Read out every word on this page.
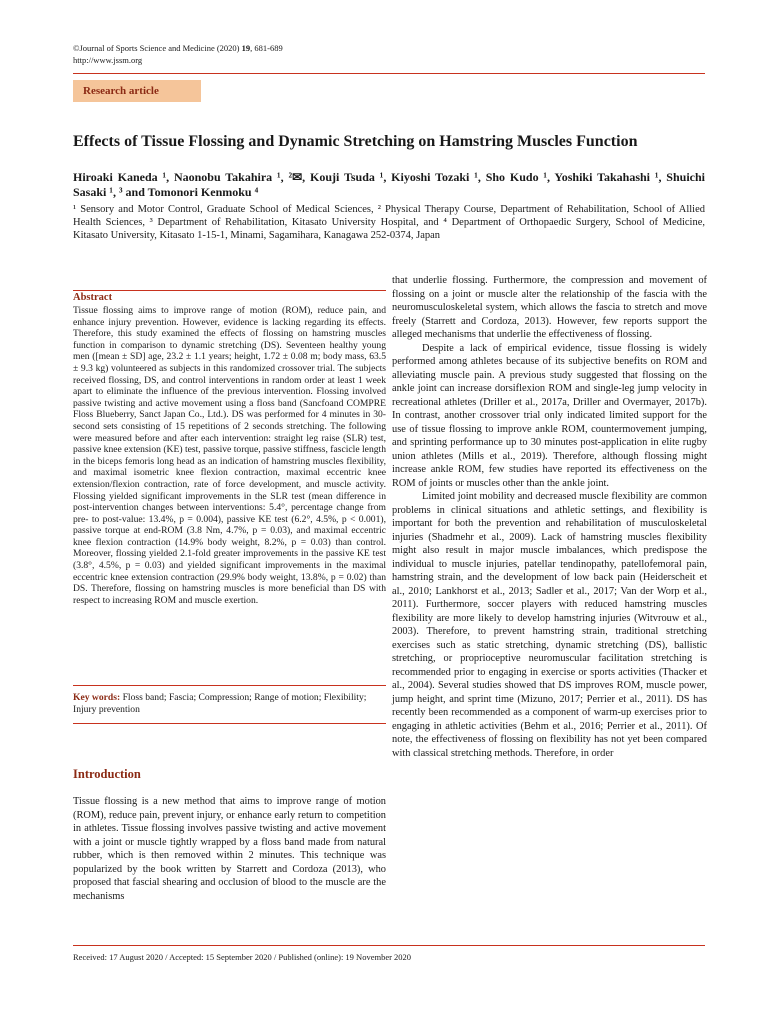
©Journal of Sports Science and Medicine (2020) 19, 681-689
http://www.jssm.org
Research article
Effects of Tissue Flossing and Dynamic Stretching on Hamstring Muscles Function
Hiroaki Kaneda ¹, Naonobu Takahira ¹, ²✉, Kouji Tsuda ¹, Kiyoshi Tozaki ¹, Sho Kudo ¹, Yoshiki Takahashi ¹, Shuichi Sasaki ¹, ³ and Tomonori Kenmoku ⁴
¹ Sensory and Motor Control, Graduate School of Medical Sciences, ² Physical Therapy Course, Department of Rehabilitation, School of Allied Health Sciences, ³ Department of Rehabilitation, Kitasato University Hospital, and ⁴ Department of Orthopaedic Surgery, School of Medicine, Kitasato University, Kitasato 1-15-1, Minami, Sagamihara, Kanagawa 252-0374, Japan
Abstract
Tissue flossing aims to improve range of motion (ROM), reduce pain, and enhance injury prevention. However, evidence is lacking regarding its effects. Therefore, this study examined the effects of flossing on hamstring muscles function in comparison to dynamic stretching (DS). Seventeen healthy young men ([mean ± SD] age, 23.2 ± 1.1 years; height, 1.72 ± 0.08 m; body mass, 63.5 ± 9.3 kg) volunteered as subjects in this randomized crossover trial. The subjects received flossing, DS, and control interventions in random order at least 1 week apart to eliminate the influence of the previous intervention. Flossing involved passive twisting and active movement using a floss band (Sancfoand COMPRE Floss Blueberry, Sanct Japan Co., Ltd.). DS was performed for 4 minutes in 30-second sets consisting of 15 repetitions of 2 seconds stretching. The following were measured before and after each intervention: straight leg raise (SLR) test, passive knee extension (KE) test, passive torque, passive stiffness, fascicle length in the biceps femoris long head as an indication of hamstring muscles flexibility, and maximal isometric knee flexion contraction, maximal eccentric knee extension/flexion contraction, rate of force development, and muscle activity. Flossing yielded significant improvements in the SLR test (mean difference in post-intervention changes between interventions: 5.4°, percentage change from pre- to post-value: 13.4%, p = 0.004), passive KE test (6.2°, 4.5%, p < 0.001), passive torque at end-ROM (3.8 Nm, 4.7%, p = 0.03), and maximal eccentric knee flexion contraction (14.9% body weight, 8.2%, p = 0.03) than control. Moreover, flossing yielded 2.1-fold greater improvements in the passive KE test (3.8°, 4.5%, p = 0.03) and yielded significant improvements in the maximal eccentric knee extension contraction (29.9% body weight, 13.8%, p = 0.02) than DS. Therefore, flossing on hamstring muscles is more beneficial than DS with respect to increasing ROM and muscle exertion.
Key words: Floss band; Fascia; Compression; Range of motion; Flexibility; Injury prevention
Introduction

Tissue flossing is a new method that aims to improve range of motion (ROM), reduce pain, prevent injury, or enhance early return to competition in athletes. Tissue flossing involves passive twisting and active movement with a joint or muscle tightly wrapped by a floss band made from natural rubber, which is then removed within 2 minutes. This technique was popularized by the book written by Starrett and Cordoza (2013), who proposed that fascial shearing and occlusion of blood to the muscle are the mechanisms

that underlie flossing. Furthermore, the compression and movement of flossing on a joint or muscle alter the relationship of the fascia with the neuromusculoskeletal system, which allows the fascia to stretch and move freely (Starrett and Cordoza, 2013). However, few reports support the alleged mechanisms that underlie the effectiveness of flossing.

Despite a lack of empirical evidence, tissue flossing is widely performed among athletes because of its subjective benefits on ROM and alleviating muscle pain. A previous study suggested that flossing on the ankle joint can increase dorsiflexion ROM and single-leg jump velocity in recreational athletes (Driller et al., 2017a, Driller and Overmayer, 2017b). In contrast, another crossover trial only indicated limited support for the use of tissue flossing to improve ankle ROM, countermovement jumping, and sprinting performance up to 30 minutes post-application in elite rugby union athletes (Mills et al., 2019). Therefore, although flossing might increase ankle ROM, few studies have reported its effectiveness on the ROM of joints or muscles other than the ankle joint.

Limited joint mobility and decreased muscle flexibility are common problems in clinical situations and athletic settings, and flexibility is important for both the prevention and rehabilitation of musculoskeletal injuries (Shadmehr et al., 2009). Lack of hamstring muscles flexibility might also result in major muscle imbalances, which predispose the individual to muscle injuries, patellar tendinopathy, patellofemoral pain, hamstring strain, and the development of low back pain (Heiderscheit et al., 2010; Lankhorst et al., 2013; Sadler et al., 2017; Van der Worp et al., 2011). Furthermore, soccer players with reduced hamstring muscles flexibility are more likely to develop hamstring injuries (Witvrouw et al., 2003). Therefore, to prevent hamstring strain, traditional stretching exercises such as static stretching, dynamic stretching (DS), ballistic stretching, or proprioceptive neuromuscular facilitation stretching is recommended prior to engaging in exercise or sports activities (Thacker et al., 2004). Several studies showed that DS improves ROM, muscle power, jump height, and sprint time (Mizuno, 2017; Perrier et al., 2011). DS has recently been recommended as a component of warm-up exercises prior to engaging in athletic activities (Behm et al., 2016; Perrier et al., 2011). Of note, the effectiveness of flossing on flexibility has not yet been compared with classical stretching methods. Therefore, in order

Received: 17 August 2020 / Accepted: 15 September 2020 / Published (online): 19 November 2020
